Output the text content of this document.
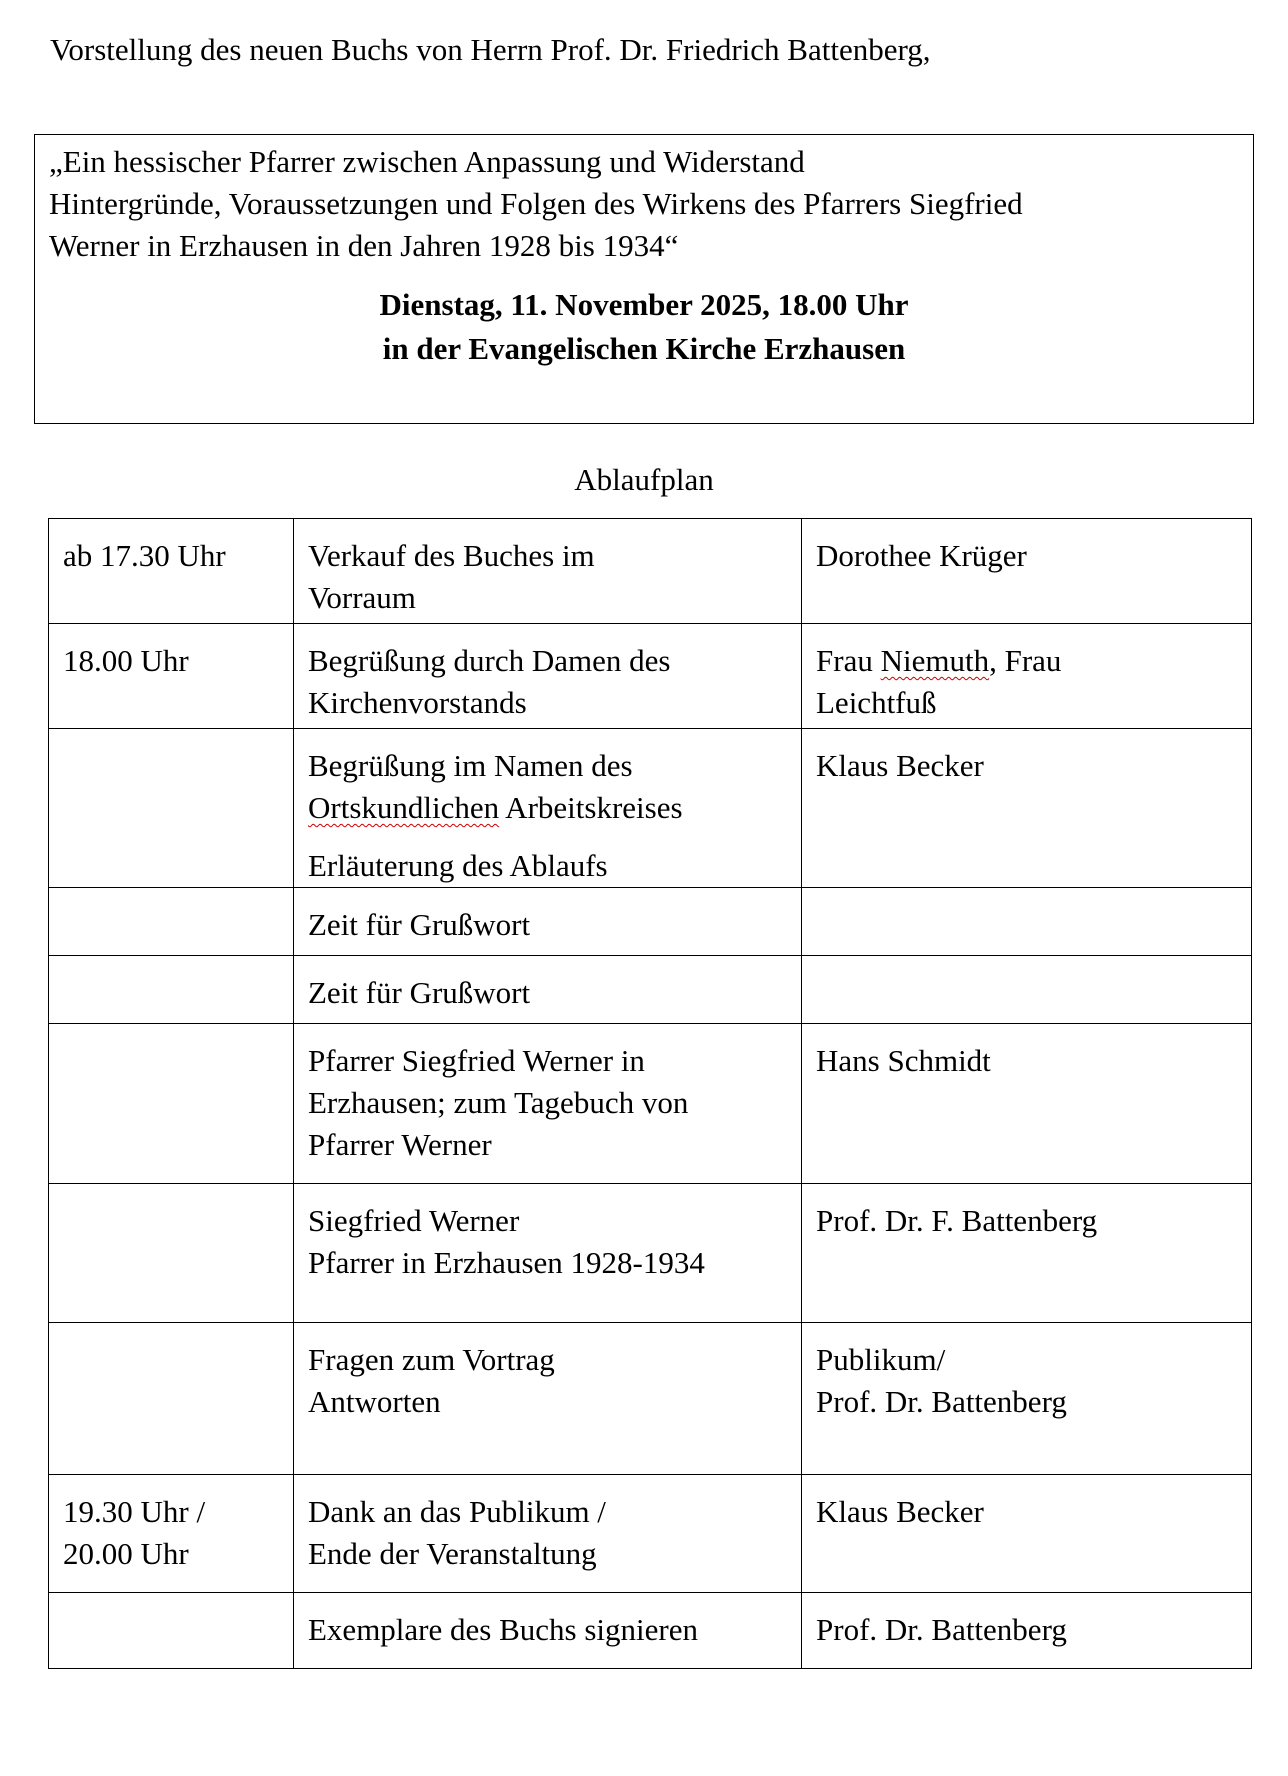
Vorstellung des neuen Buchs von Herrn Prof. Dr. Friedrich Battenberg,

„Ein hessischer Pfarrer zwischen Anpassung und Widerstand
Hintergründe, Voraussetzungen und Folgen des Wirkens des Pfarrers Siegfried
Werner in Erzhausen in den Jahren 1928 bis 1934“

Dienstag, 11. November 2025, 18.00 Uhr
in der Evangelischen Kirche Erzhausen
Ablaufplan
ab 17.30 Uhr	Verkauf des Buches im
Vorraum	Dorothee Krüger

18.00 Uhr	Begrüßung durch Damen des
Kirchenvorstands	Frau Niemuth, Frau
Leichtfuß

	Begrüßung im Namen des
Ortskundlichen Arbeitskreises
Erläuterung des Ablaufs	Klaus Becker

	Zeit für Grußwort	

	Zeit für Grußwort	

	Pfarrer Siegfried Werner in
Erzhausen; zum Tagebuch von
Pfarrer Werner	Hans Schmidt

	Siegfried Werner
Pfarrer in Erzhausen 1928-1934	Prof. Dr. F. Battenberg

	Fragen zum Vortrag
Antworten	Publikum/
Prof. Dr. Battenberg

19.30 Uhr /
20.00 Uhr	Dank an das Publikum /
Ende der Veranstaltung	Klaus Becker

	Exemplare des Buchs signieren	Prof. Dr. Battenberg
